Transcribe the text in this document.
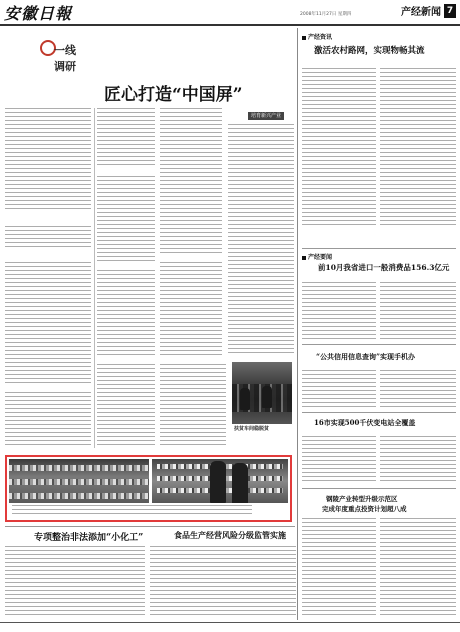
安徽日報	2008年11月27日 星期四	产经新闻 7
一线调研
匠心打造“中国屏”
培育新兴产业
扶贫车间稳脱贫
专项整治非法添加“小化工”	食品生产经营风险分级监管实施
产经资讯
激活农村路网，实现物畅其流
产经要闻
前10月我省进口一般消费品156.3亿元
“公共信用信息查询”实现手机办
16市实现500千伏变电站全覆盖
钢陵产业转型升级示范区
完成年度重点投资计划超八成
